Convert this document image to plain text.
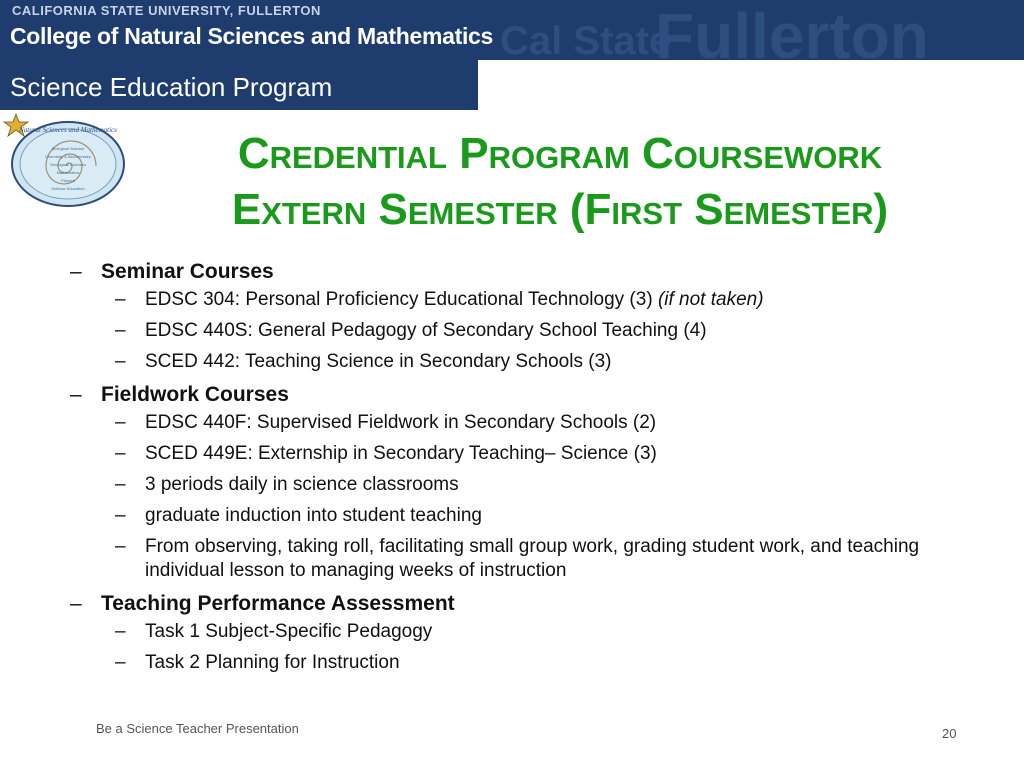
Cal State
Fullerton
CALIFORNIA STATE UNIVERSITY, FULLERTON
College of Natural Sciences and Mathematics
Science Education Program
Natural Sciences and Mathematics
Biological Science
Chemistry & Biochemistry
Geological Sciences
Mathematics
Physics
Science Education
Credential Program Coursework
Extern Semester (First Semester)
– Seminar Courses
– EDSC 304: Personal Proficiency Educational Technology (3) (if not taken)
– EDSC 440S: General Pedagogy of Secondary School Teaching (4)
– SCED 442: Teaching Science in Secondary Schools (3)
– Fieldwork Courses
– EDSC 440F: Supervised Fieldwork in Secondary Schools (2)
– SCED 449E: Externship in Secondary Teaching– Science (3)
– 3 periods daily in science classrooms
– graduate induction into student teaching
– From observing, taking roll, facilitating small group work, grading student work, and teaching individual lesson to managing weeks of instruction
– Teaching Performance Assessment
– Task 1 Subject-Specific Pedagogy
– Task 2 Planning for Instruction
Be a Science Teacher Presentation	20
